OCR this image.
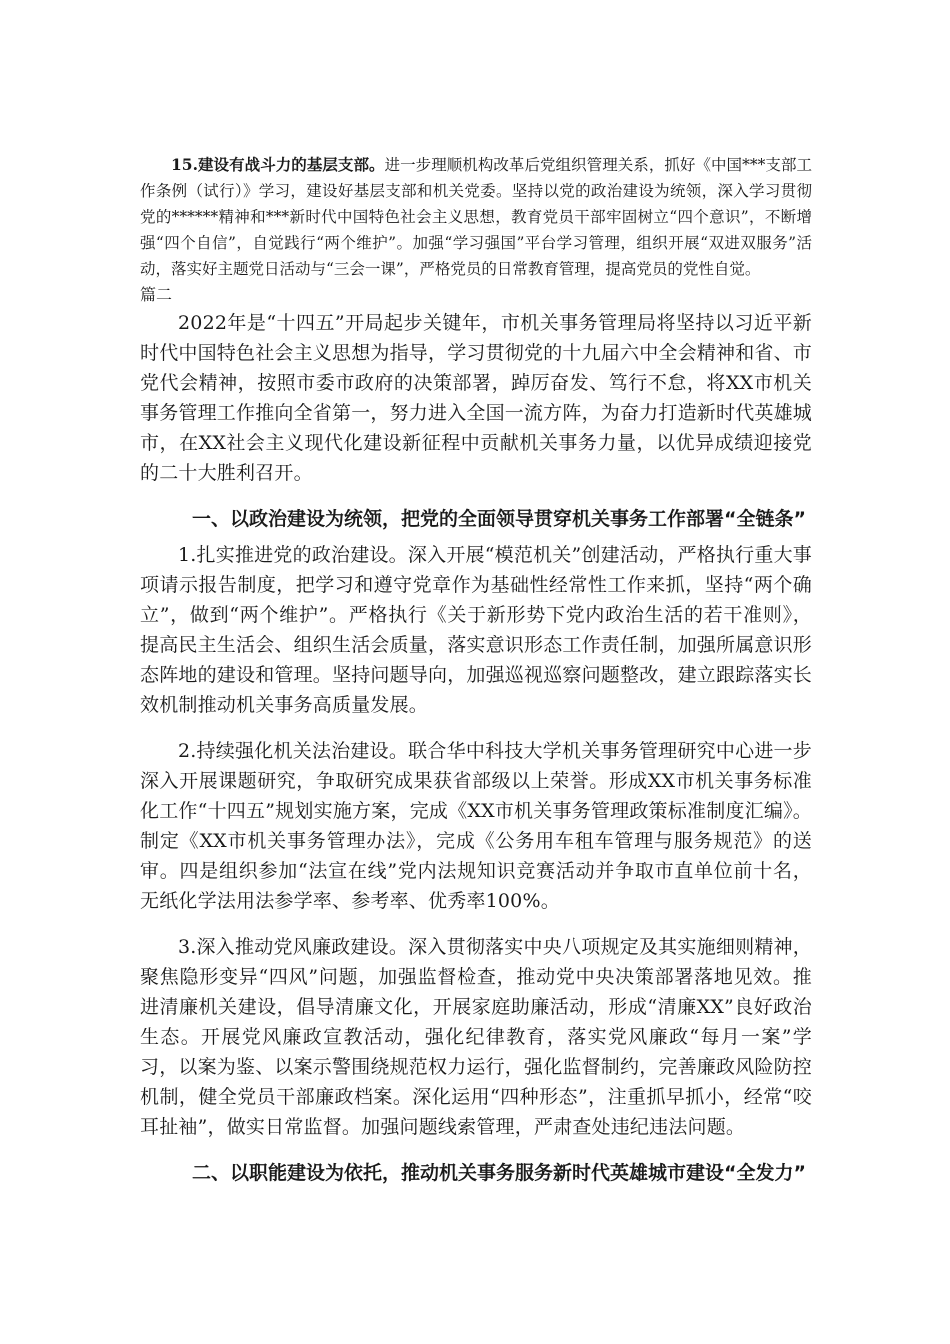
15.建设有战斗力的基层支部。进一步理顺机构改革后党组织管理关系，抓好《中国***支部工作条例（试行）》学习，建设好基层支部和机关党委。坚持以党的政治建设为统领，深入学习贯彻党的******精神和***新时代中国特色社会主义思想，教育党员干部牢固树立“四个意识”，不断增强“四个自信”，自觉践行“两个维护”。加强“学习强国”平台学习管理，组织开展“双进双服务”活动，落实好主题党日活动与“三会一课”，严格党员的日常教育管理，提高党员的党性自觉。

篇二

2022年是“十四五”开局起步关键年，市机关事务管理局将坚持以习近平新时代中国特色社会主义思想为指导，学习贯彻党的十九届六中全会精神和省、市党代会精神，按照市委市政府的决策部署，踔厉奋发、笃行不怠，将XX市机关事务管理工作推向全省第一，努力进入全国一流方阵，为奋力打造新时代英雄城市，在XX社会主义现代化建设新征程中贡献机关事务力量，以优异成绩迎接党的二十大胜利召开。

一、以政治建设为统领，把党的全面领导贯穿机关事务工作部署“全链条”

1.扎实推进党的政治建设。深入开展“模范机关”创建活动，严格执行重大事项请示报告制度，把学习和遵守党章作为基础性经常性工作来抓，坚持“两个确立”，做到“两个维护”。严格执行《关于新形势下党内政治生活的若干准则》，提高民主生活会、组织生活会质量，落实意识形态工作责任制，加强所属意识形态阵地的建设和管理。坚持问题导向，加强巡视巡察问题整改，建立跟踪落实长效机制推动机关事务高质量发展。

2.持续强化机关法治建设。联合华中科技大学机关事务管理研究中心进一步深入开展课题研究，争取研究成果获省部级以上荣誉。形成XX市机关事务标准化工作“十四五”规划实施方案，完成《XX市机关事务管理政策标准制度汇编》。制定《XX市机关事务管理办法》，完成《公务用车租车管理与服务规范》的送审。四是组织参加“法宣在线”党内法规知识竞赛活动并争取市直单位前十名，无纸化学法用法参学率、参考率、优秀率100%。

3.深入推动党风廉政建设。深入贯彻落实中央八项规定及其实施细则精神，聚焦隐形变异“四风”问题，加强监督检查，推动党中央决策部署落地见效。推进清廉机关建设，倡导清廉文化，开展家庭助廉活动，形成“清廉XX”良好政治生态。开展党风廉政宣教活动，强化纪律教育，落实党风廉政“每月一案”学习，以案为鉴、以案示警围绕规范权力运行，强化监督制约，完善廉政风险防控机制，健全党员干部廉政档案。深化运用“四种形态”，注重抓早抓小，经常“咬耳扯袖”，做实日常监督。加强问题线索管理，严肃查处违纪违法问题。

二、以职能建设为依托，推动机关事务服务新时代英雄城市建设“全发力”
